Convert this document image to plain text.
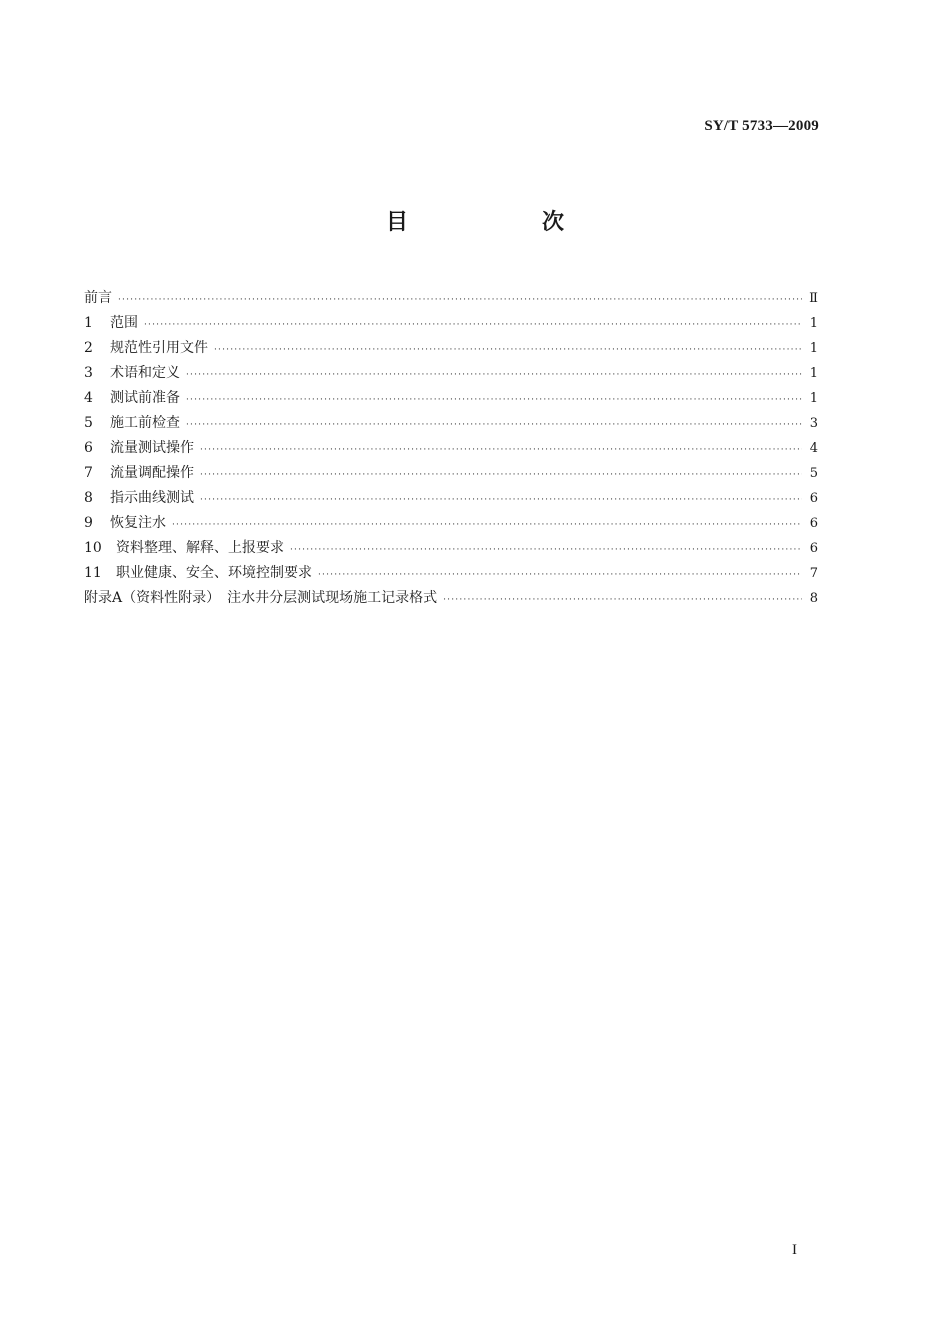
SY/T 5733—2009
目　次
前言 ·····	Ⅱ
1	范围 ·····	1
2	规范性引用文件 ·····	1
3	术语和定义 ·····	1
4	测试前准备 ·····	1
5	施工前检查 ·····	3
6	流量测试操作 ·····	4
7	流量调配操作 ·····	5
8	指示曲线测试 ·····	6
9	恢复注水 ·····	6
10	资料整理、解释、上报要求 ·····	6
11	职业健康、安全、环境控制要求 ·····	7
附录A（资料性附录）　注水井分层测试现场施工记录格式 ·····	8
I
